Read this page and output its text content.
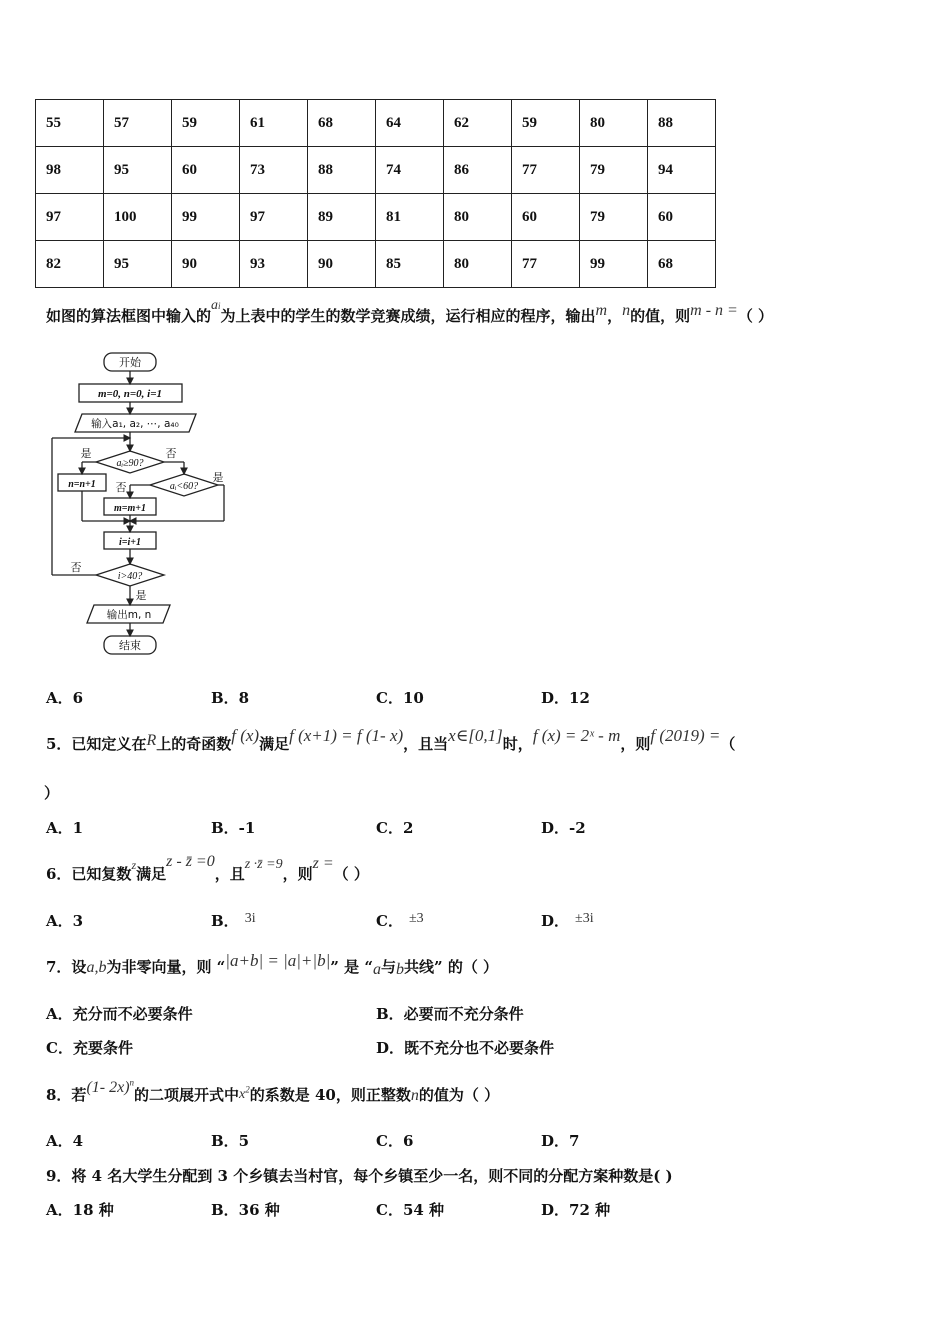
55	57	59	61	68	64	62	59	80	88
98	95	60	73	88	74	86	77	79	94
97	100	99	97	89	81	80	60	79	60
82	95	90	93	90	85	80	77	99	68
如图的算法框图中输入的ai为上表中的学生的数学竞赛成绩，运行相应的程序，输出m，n的值，则m - n =（ ）
开始
m=0, n=0, i=1
输入a₁, a₂, ⋯, a₄₀
aᵢ≥90?
是	否
n=n+1	aᵢ<60?
是
否
m=m+1
i=i+1
i>40?
否
是
输出m, n
结束
A．6	B．8	C．10	D．12
5．已知定义在R上的奇函数f (x)满足f (x+1) = f (1- x)，且当x∈[0,1]时，f (x) = 2ˣ - m，则f (2019) =（
）
A．1	B．-1	C．2	D．-2
6．已知复数$^z$满足z - z̄ =0，且z ·z̄ =9，则z =（ ）
A．3	B． 3i	C． ±3	D． ±3i
7．设a,b为非零向量，则 “|a+b| = |a|+|b|” 是 “a与b共线” 的（ ）
A．充分而不必要条件	B．必要而不充分条件
C．充要条件	D．既不充分也不必要条件
8．若(1- 2x)$^n$的二项展开式中$x^2$的系数是 40，则正整数n的值为（ ）
A．4	B．5	C．6	D．7
9．将 4 名大学生分配到 3 个乡镇去当村官，每个乡镇至少一名，则不同的分配方案种数是( )
A．18 种	B．36 种	C．54 种	D．72 种
